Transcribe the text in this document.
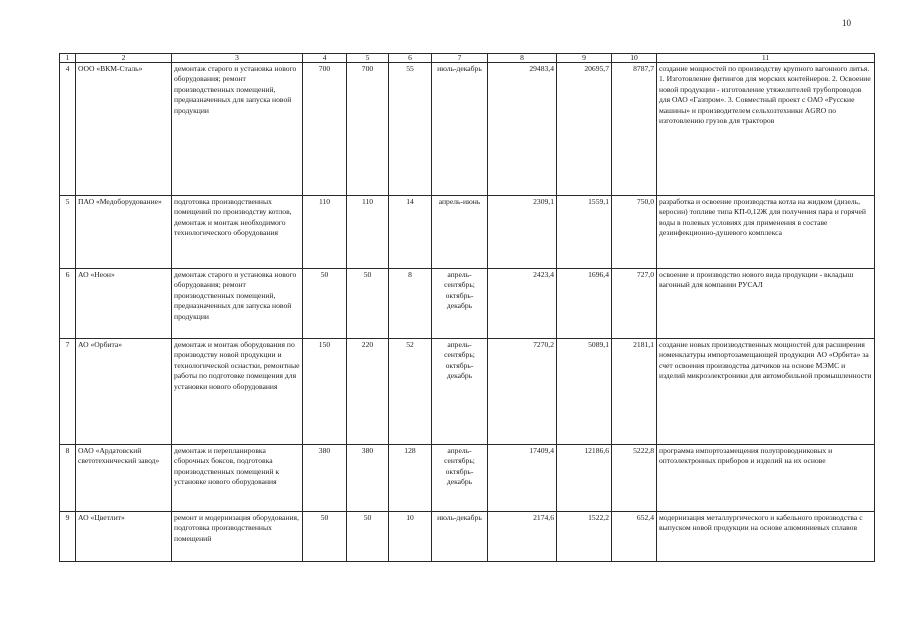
10
1	2	3	4	5	6	7	8	9	10	11
4	ООО «ВКМ-Сталь»	демонтаж старого и установка нового оборудования; ремонт производственных помещений, предназначенных для запуска новой продукции	700	700	55	июль-декабрь	29483,4	20695,7	8787,7	создание мощностей по производству крупного вагонного литья. 1. Изготовление фитингов для морских контейнеров. 2. Освоение новой продукции - изготовление утяжелителей трубопроводов для ОАО «Газпром». 3. Совместный проект с ОАО «Русские машины» и производителем сельхозтехники AGRO по изготовлению грузов для тракторов
5	ПАО «Медоборудование»	подготовка производственных помещений по производству котлов, демонтаж и монтаж необходимого технологического оборудования	110	110	14	апрель-июнь	2309,1	1559,1	750,0	разработка и освоение производства котла на жидком (дизель, керосин) топливе типа КП-0,12Ж для получения пара и горячей воды в полевых условиях для применения в составе дезинфекционно-душевого комплекса
6	АО «Неон»	демонтаж старого и установка нового оборудования; ремонт производственных помещений, предназначенных для запуска новой продукции	50	50	8	апрель-сентябрь; октябрь-декабрь	2423,4	1696,4	727,0	освоение и производство нового вида продукции - вкладыш вагонный для компании РУСАЛ
7	АО «Орбита»	демонтаж и монтаж оборудования по производству новой продукции и технологической оснастки, ремонтные работы по подготовке помещения для установки нового оборудования	150	220	52	апрель-сентябрь; октябрь-декабрь	7270,2	5089,1	2181,1	создание новых производственных мощностей для расширения номенклатуры импортозамещающей продукции АО «Орбита» за счет освоения производства датчиков на основе МЭМС и изделий микроэлектроники для автомобильной промышленности
8	ОАО «Ардатовский светотехнический завод»	демонтаж и перепланировка сборочных боксов, подготовка производственных помещений к установке нового оборудования	380	380	128	апрель-сентябрь; октябрь-декабрь	17409,4	12186,6	5222,8	программа импортозамещения полупроводниковых и оптоэлектронных приборов и изделий на их основе
9	АО «Цветлит»	ремонт и модернизация оборудования, подготовка производственных помещений	50	50	10	июль-декабрь	2174,6	1522,2	652,4	модернизация металлургического и кабельного производства с выпуском новой продукции на основе алюминиевых сплавов
